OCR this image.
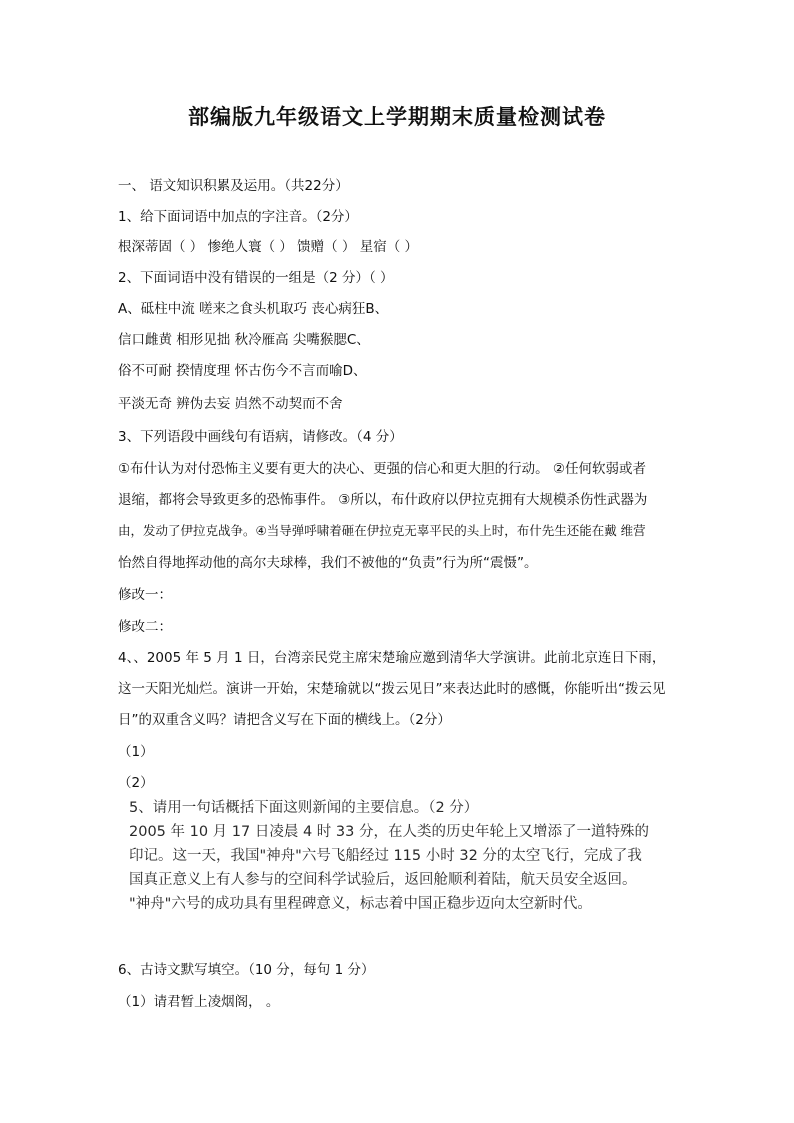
部编版九年级语文上学期期末质量检测试卷
一、 语文知识积累及运用。（共22分）
1、给下面词语中加点的字注音。（2分）
根深蒂固（ ） 惨绝人寰（ ） 馈赠（ ） 星宿（ ）
2、下面词语中没有错误的一组是（2 分）（ ）
A、砥柱中流 嗟来之食头机取巧 丧心病狂B、
信口雌黄 相形见拙 秋冷雁高 尖嘴猴腮C、
俗不可耐 揆情度理 怀古伤今不言而喻D、
平淡无奇 辨伪去妄 岿然不动契而不舍
3、下列语段中画线句有语病，请修改。（4 分）
①布什认为对付恐怖主义要有更大的决心、更强的信心和更大胆的行动。 ②任何软弱或者
退缩，都将会导致更多的恐怖事件。 ③所以，布什政府以伊拉克拥有大规模杀伤性武器为
由，发动了伊拉克战争。④当导弹呼啸着砸在伊拉克无辜平民的头上时，布什先生还能在戴 维营
怡然自得地挥动他的高尔夫球棒，我们不被他的“负责”行为所“震慑”。
修改一：
修改二：
4、、2005 年 5 月 1 日，台湾亲民党主席宋楚瑜应邀到清华大学演讲。此前北京连日下雨，
这一天阳光灿烂。演讲一开始，宋楚瑜就以“拨云见日”来表达此时的感慨，你能听出“拨云见
日”的双重含义吗？请把含义写在下面的横线上。（2分）
（1）
（2）
5、请用一句话概括下面这则新闻的主要信息。（2 分）
2005 年 10 月 17 日凌晨 4 时 33 分，在人类的历史年轮上又增添了一道特殊的
印记。这一天，我国"神舟"六号飞船经过 115 小时 32 分的太空飞行，完成了我
国真正意义上有人参与的空间科学试验后，返回舱顺利着陆，航天员安全返回。
"神舟"六号的成功具有里程碑意义，标志着中国正稳步迈向太空新时代。
6、古诗文默写填空。（10 分，每句 1 分）
（1）请君暂上凌烟阁， 。
